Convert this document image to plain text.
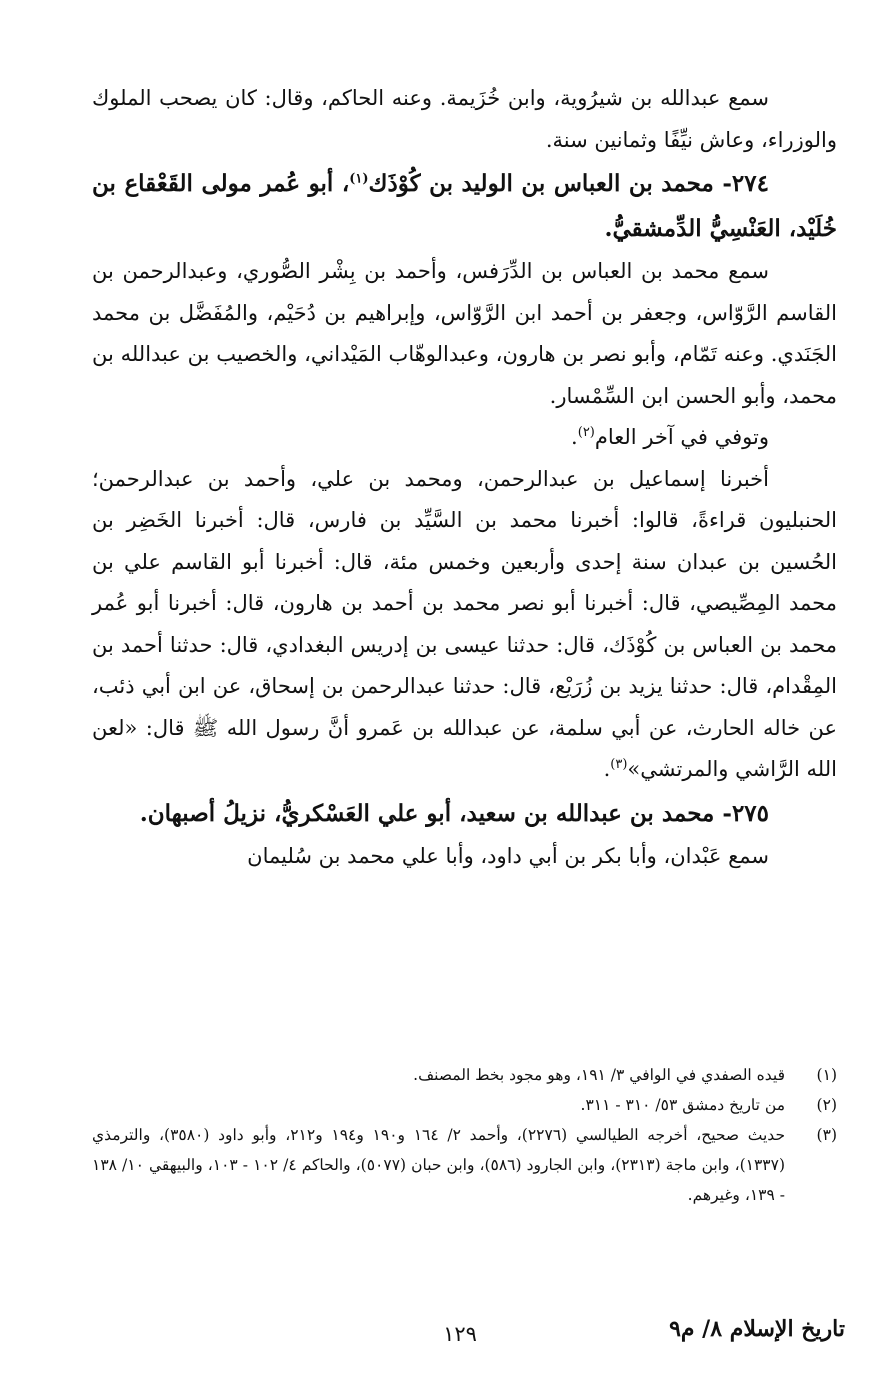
سمع عبدالله بن شيرُوية، وابن خُزَيمة. وعنه الحاكم، وقال: كان يصحب الملوك والوزراء، وعاش نيِّفًا وثمانين سنة.

٢٧٤- محمد بن العباس بن الوليد بن كُوْذَك$^{(١)}$، أبو عُمر مولى القَعْقاع بن خُلَيْد، العَنْسِيُّ الدِّمشقيُّ.

سمع محمد بن العباس بن الدِّرَفس، وأحمد بن بِشْر الصُّوري، وعبدالرحمن بن القاسم الرَّوّاس، وجعفر بن أحمد ابن الرَّوّاس، وإبراهيم بن دُحَيْم، والمُفَضَّل بن محمد الجَنَدي. وعنه تَمّام، وأبو نصر بن هارون، وعبدالوهّاب المَيْداني، والخصيب بن عبدالله بن محمد، وأبو الحسن ابن السِّمْسار.

وتوفي في آخر العام$^{(٢)}$.

أخبرنا إسماعيل بن عبدالرحمن، ومحمد بن علي، وأحمد بن عبدالرحمن؛ الحنبليون قراءةً، قالوا: أخبرنا محمد بن السَّيِّد بن فارس، قال: أخبرنا الخَضِر بن الحُسين بن عبدان سنة إحدى وأربعين وخمس مئة، قال: أخبرنا أبو القاسم علي بن محمد المِصِّيصي، قال: أخبرنا أبو نصر محمد بن أحمد بن هارون، قال: أخبرنا أبو عُمر محمد بن العباس بن كُوْذَك، قال: حدثنا عيسى بن إدريس البغدادي، قال: حدثنا أحمد بن المِقْدام، قال: حدثنا يزيد بن زُرَيْع، قال: حدثنا عبدالرحمن بن إسحاق، عن ابن أبي ذئب، عن خاله الحارث، عن أبي سلمة، عن عبدالله بن عَمرو أنَّ رسول الله ﷺ قال: «لعن الله الرَّاشي والمرتشي»$^{(٣)}$.

٢٧٥- محمد بن عبدالله بن سعيد، أبو علي العَسْكريُّ، نزيلُ أصبهان.

سمع عَبْدان، وأبا بكر بن أبي داود، وأبا علي محمد بن سُليمان

(١)
قيده الصفدي في الوافي ٣/ ١٩١، وهو مجود بخط المصنف.
(٢)
من تاريخ دمشق ٥٣/ ٣١٠ - ٣١١.
(٣)
حديث صحيح، أخرجه الطيالسي (٢٢٧٦)، وأحمد ٢/ ١٦٤ و١٩٠ و١٩٤ و٢١٢، وأبو داود (٣٥٨٠)، والترمذي (١٣٣٧)، وابن ماجة (٢٣١٣)، وابن الجارود (٥٨٦)، وابن حبان (٥٠٧٧)، والحاكم ٤/ ١٠٢ - ١٠٣، والبيهقي ١٠/ ١٣٨ - ١٣٩، وغيرهم.
١٢٩	تاريخ الإسلام ٨/ م٩
